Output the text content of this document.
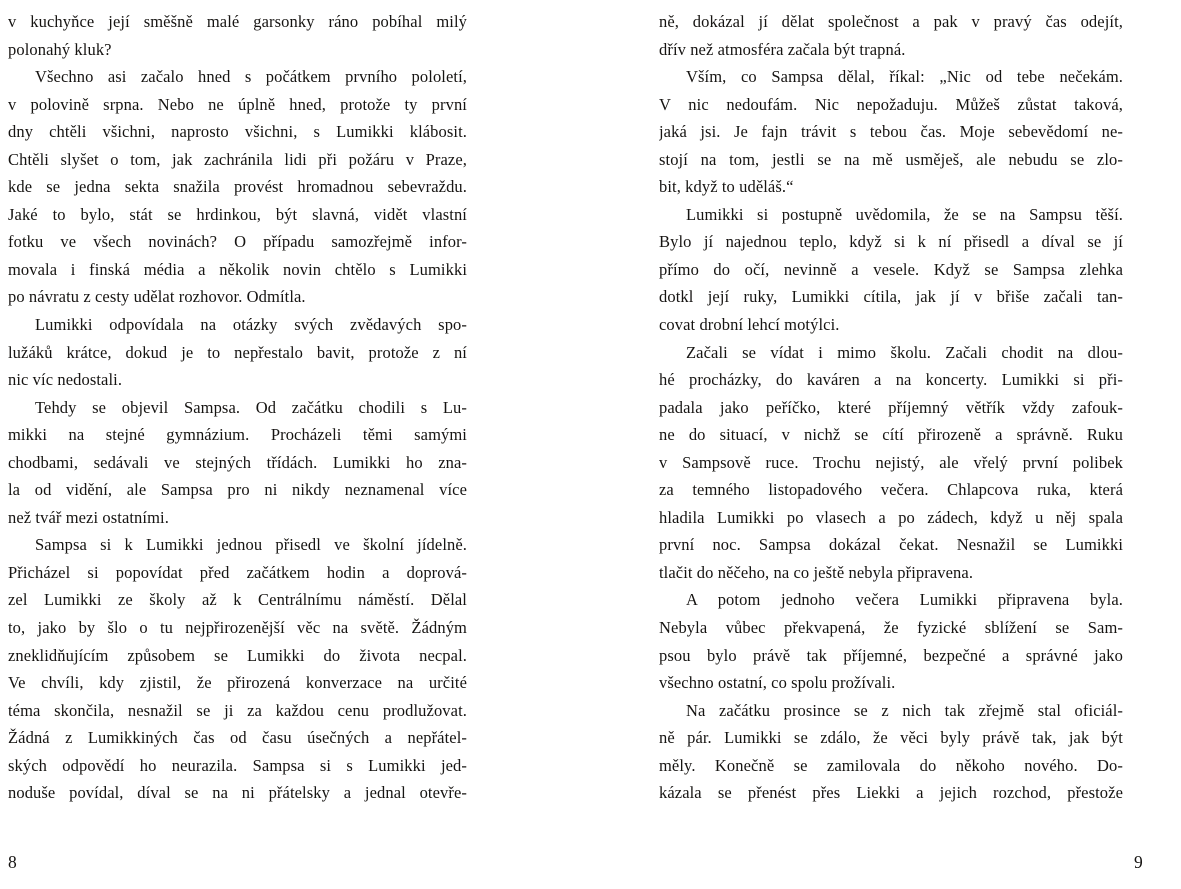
v kuchyňce její směšně malé garsonky ráno pobíhal milý
polonahý kluk?
Všechno asi začalo hned s počátkem prvního pololetí,
v polovině srpna. Nebo ne úplně hned, protože ty první
dny chtěli všichni, naprosto všichni, s Lumikki klábosit.
Chtěli slyšet o tom, jak zachránila lidi při požáru v Praze,
kde se jedna sekta snažila provést hromadnou sebevraždu.
Jaké to bylo, stát se hrdinkou, být slavná, vidět vlastní
fotku ve všech novinách? O případu samozřejmě infor-
movala i finská média a několik novin chtělo s Lumikki
po návratu z cesty udělat rozhovor. Odmítla.
Lumikki odpovídala na otázky svých zvědavých spo-
lužáků krátce, dokud je to nepřestalo bavit, protože z ní
nic víc nedostali.
Tehdy se objevil Sampsa. Od začátku chodili s Lu-
mikki na stejné gymnázium. Procházeli těmi samými
chodbami, sedávali ve stejných třídách. Lumikki ho zna-
la od vidění, ale Sampsa pro ni nikdy neznamenal více
než tvář mezi ostatními.
Sampsa si k Lumikki jednou přisedl ve školní jídelně.
Přicházel si popovídat před začátkem hodin a doprová-
zel Lumikki ze školy až k Centrálnímu náměstí. Dělal
to, jako by šlo o tu nejpřirozenější věc na světě. Žádným
zneklidňujícím způsobem se Lumikki do života necpal.
Ve chvíli, kdy zjistil, že přirozená konverzace na určité
téma skončila, nesnažil se ji za každou cenu prodlužovat.
Žádná z Lumikkiných čas od času úsečných a nepřátel-
ských odpovědí ho neurazila. Sampsa si s Lumikki jed-
noduše povídal, díval se na ni přátelsky a jednal otevře-
8
ně, dokázal jí dělat společnost a pak v pravý čas odejít,
dřív než atmosféra začala být trapná.
Vším, co Sampsa dělal, říkal: „Nic od tebe nečekám.
V nic nedoufám. Nic nepožaduju. Můžeš zůstat taková,
jaká jsi. Je fajn trávit s tebou čas. Moje sebevědomí ne-
stojí na tom, jestli se na mě usměješ, ale nebudu se zlo-
bit, když to uděláš.“
Lumikki si postupně uvědomila, že se na Sampsu těší.
Bylo jí najednou teplo, když si k ní přisedl a díval se jí
přímo do očí, nevinně a vesele. Když se Sampsa zlehka
dotkl její ruky, Lumikki cítila, jak jí v břiše začali tan-
covat drobní lehcí motýlci.
Začali se vídat i mimo školu. Začali chodit na dlou-
hé procházky, do kaváren a na koncerty. Lumikki si při-
padala jako peříčko, které příjemný větřík vždy zafouk-
ne do situací, v nichž se cítí přirozeně a správně. Ruku
v Sampsově ruce. Trochu nejistý, ale vřelý první polibek
za temného listopadového večera. Chlapcova ruka, která
hladila Lumikki po vlasech a po zádech, když u něj spala
první noc. Sampsa dokázal čekat. Nesnažil se Lumikki
tlačit do něčeho, na co ještě nebyla připravena.
A potom jednoho večera Lumikki připravena byla.
Nebyla vůbec překvapená, že fyzické sblížení se Sam-
psou bylo právě tak příjemné, bezpečné a správné jako
všechno ostatní, co spolu prožívali.
Na začátku prosince se z nich tak zřejmě stal oficiál-
ně pár. Lumikki se zdálo, že věci byly právě tak, jak být
měly. Konečně se zamilovala do někoho nového. Do-
kázala se přenést přes Liekki a jejich rozchod, přestože
9
